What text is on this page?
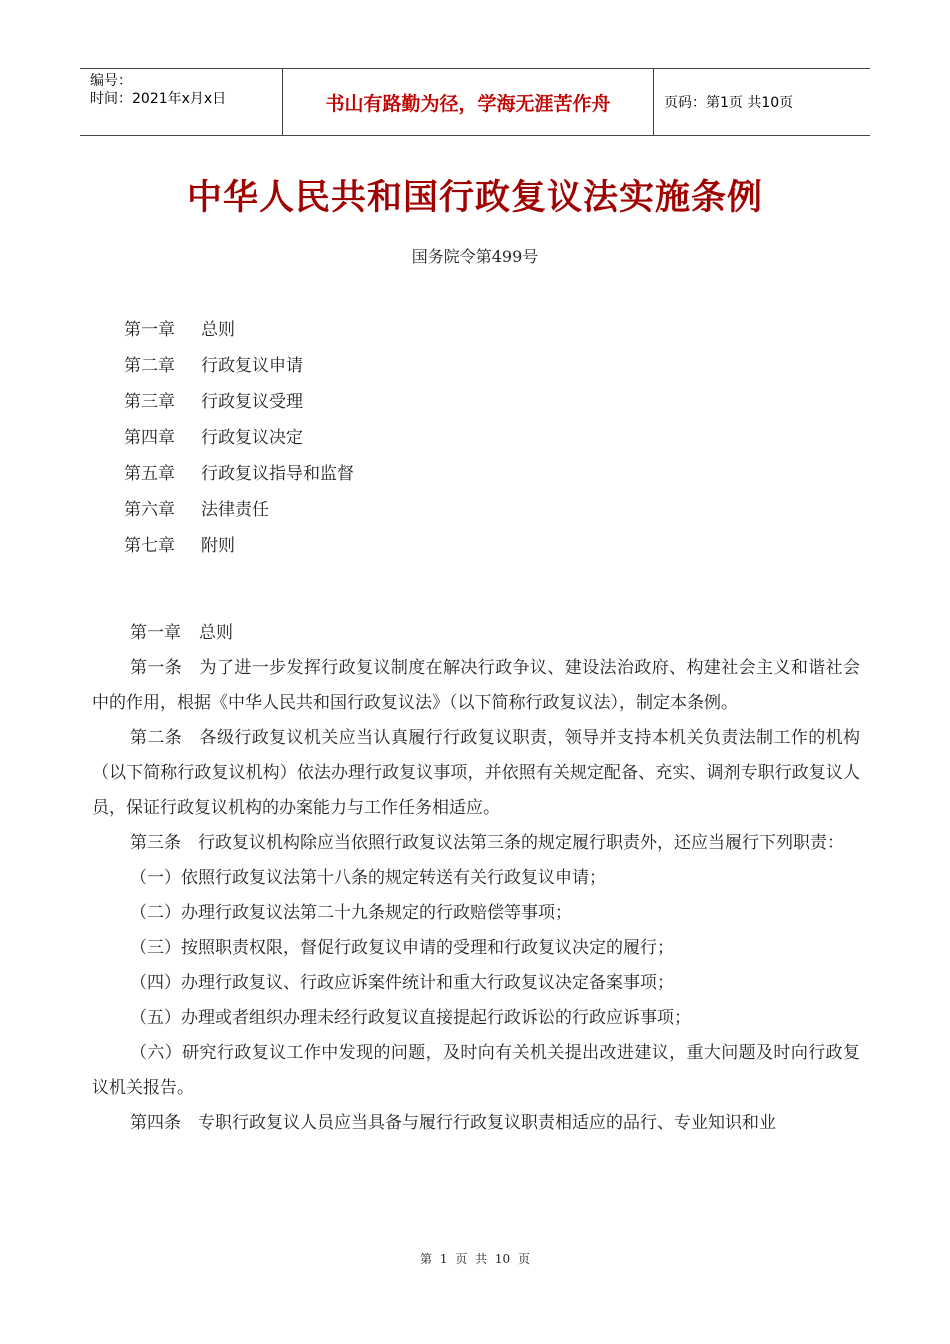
编号：
时间：2021年x月x日	书山有路勤为径，学海无涯苦作舟	页码：第1页 共10页
中华人民共和国行政复议法实施条例
国务院令第499号
第一章 总则
第二章 行政复议申请
第三章 行政复议受理
第四章 行政复议决定
第五章 行政复议指导和监督
第六章 法律责任
第七章 附则

第一章 总则

第一条 为了进一步发挥行政复议制度在解决行政争议、建设法治政府、构建社会主义和谐社会中的作用，根据《中华人民共和国行政复议法》（以下简称行政复议法），制定本条例。

第二条 各级行政复议机关应当认真履行行政复议职责，领导并支持本机关负责法制工作的机构（以下简称行政复议机构）依法办理行政复议事项，并依照有关规定配备、充实、调剂专职行政复议人员，保证行政复议机构的办案能力与工作任务相适应。

第三条 行政复议机构除应当依照行政复议法第三条的规定履行职责外，还应当履行下列职责：

（一）依照行政复议法第十八条的规定转送有关行政复议申请；

（二）办理行政复议法第二十九条规定的行政赔偿等事项；

（三）按照职责权限，督促行政复议申请的受理和行政复议决定的履行；

（四）办理行政复议、行政应诉案件统计和重大行政复议决定备案事项；

（五）办理或者组织办理未经行政复议直接提起行政诉讼的行政应诉事项；

（六）研究行政复议工作中发现的问题，及时向有关机关提出改进建议，重大问题及时向行政复议机关报告。

第四条 专职行政复议人员应当具备与履行行政复议职责相适应的品行、专业知识和业

第 1 页 共 10 页
